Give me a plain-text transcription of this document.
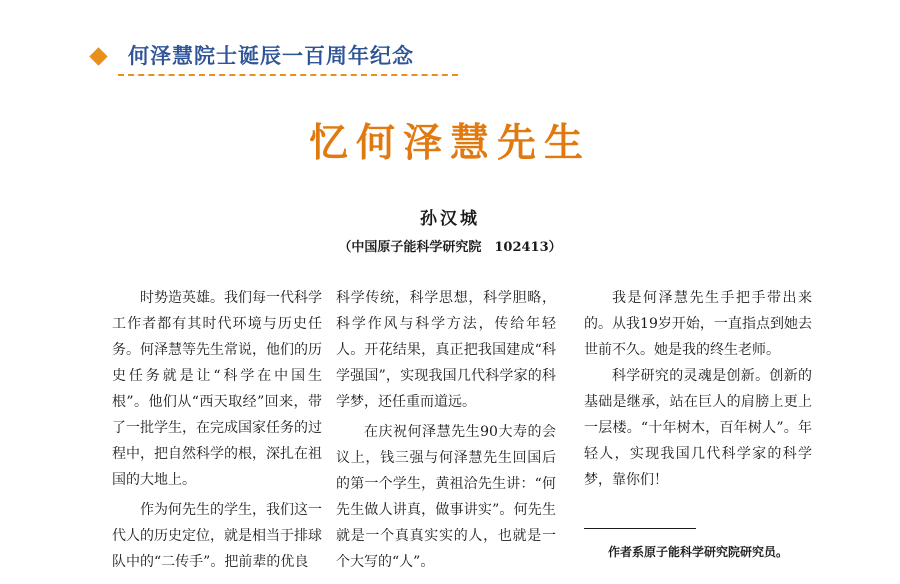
何泽慧院士诞辰一百周年纪念
忆何泽慧先生
孙汉城
（中国原子能科学研究院　102413）

时势造英雄。我们每一代科学工作者都有其时代环境与历史任务。何泽慧等先生常说，他们的历史任务就是让“科学在中国生根”。他们从“西天取经”回来，带了一批学生，在完成国家任务的过程中，把自然科学的根，深扎在祖国的大地上。

作为何先生的学生，我们这一代人的历史定位，就是相当于排球队中的“二传手”。把前辈的优良

科学传统，科学思想，科学胆略，科学作风与科学方法，传给年轻人。开花结果，真正把我国建成“科学强国”，实现我国几代科学家的科学梦，还任重而道远。

在庆祝何泽慧先生90大寿的会议上，钱三强与何泽慧先生回国后的第一个学生，黄祖洽先生讲：“何先生做人讲真，做事讲实”。何先生就是一个真真实实的人，也就是一个大写的“人”。

我是何泽慧先生手把手带出来的。从我19岁开始，一直指点到她去世前不久。她是我的终生老师。

科学研究的灵魂是创新。创新的基础是继承，站在巨人的肩膀上更上一层楼。“十年树木，百年树人”。年轻人，实现我国几代科学家的科学梦，靠你们！

作者系原子能科学研究院研究员。
